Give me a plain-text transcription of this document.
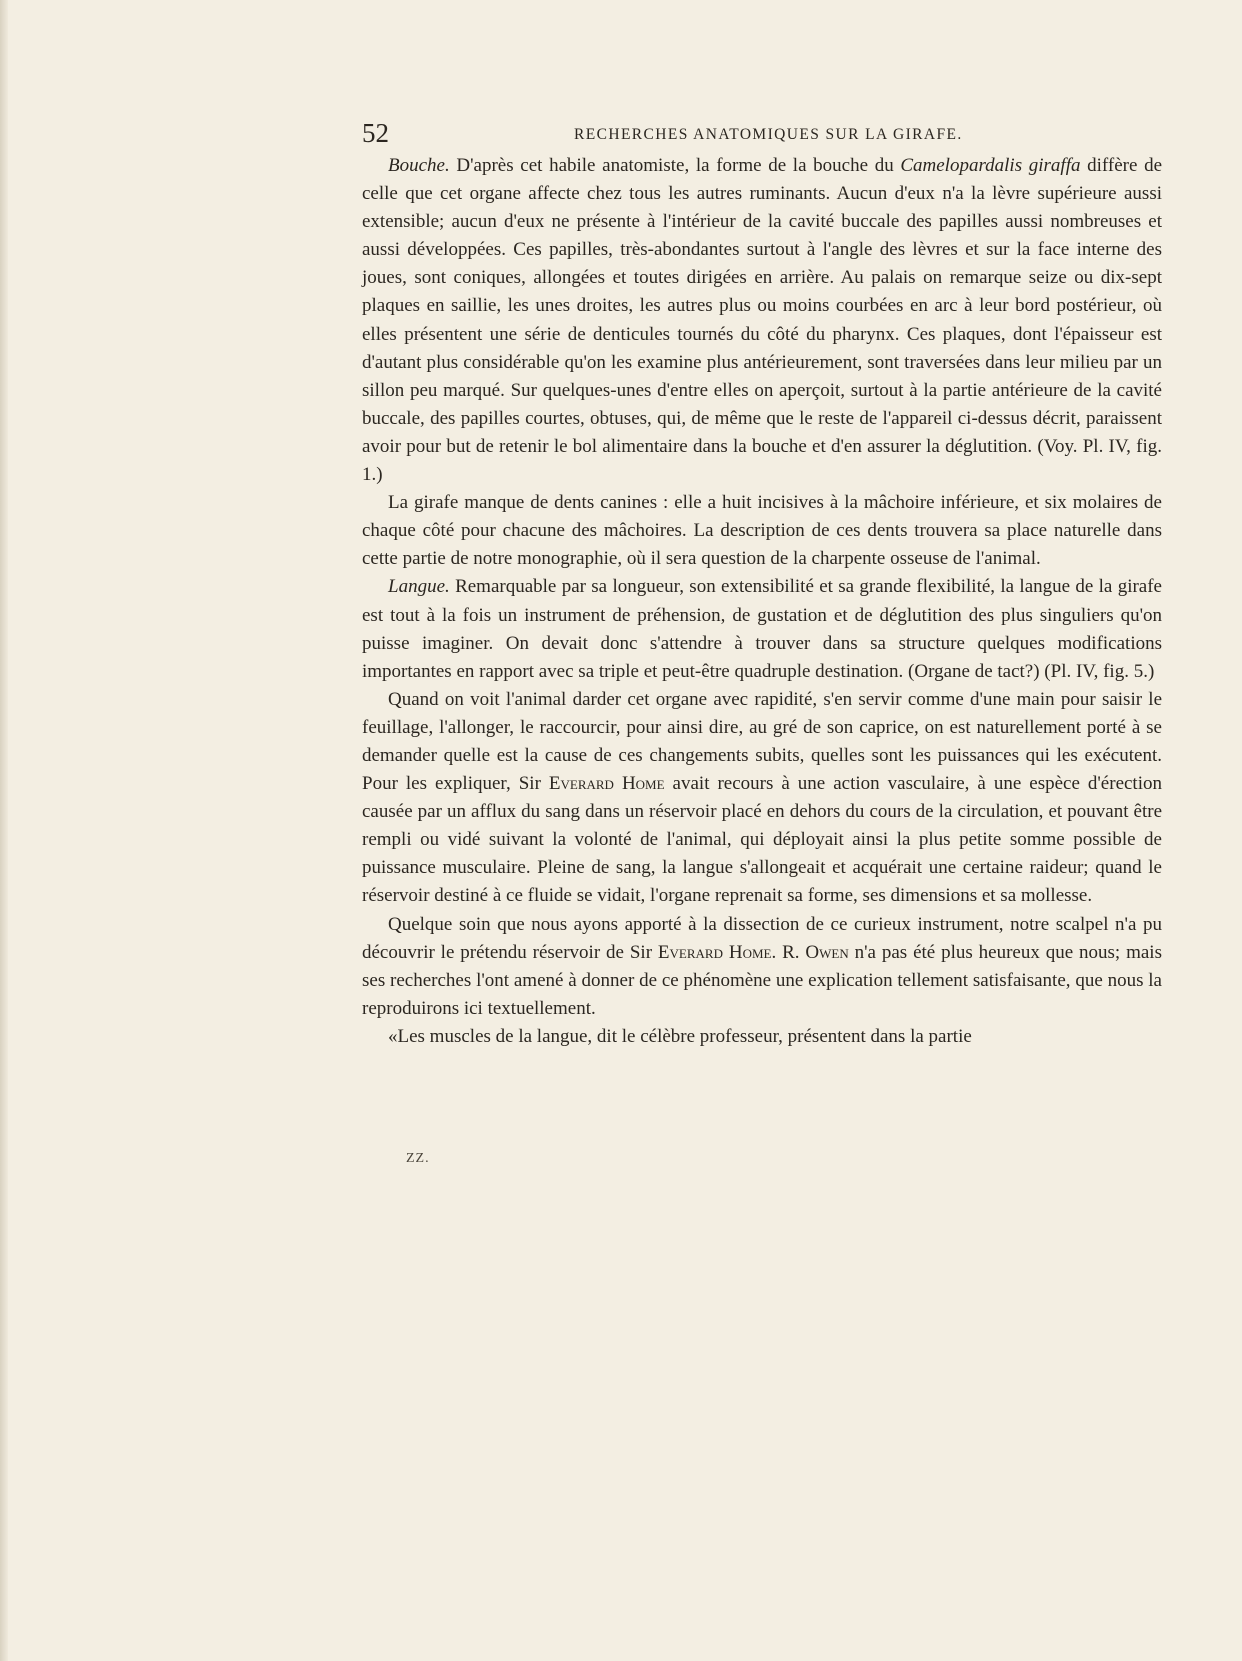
52	RECHERCHES ANATOMIQUES SUR LA GIRAFE.

Bouche. D'après cet habile anatomiste, la forme de la bouche du Camelopardalis giraffa diffère de celle que cet organe affecte chez tous les autres ruminants. Aucun d'eux n'a la lèvre supérieure aussi extensible; aucun d'eux ne présente à l'intérieur de la cavité buccale des papilles aussi nombreuses et aussi développées. Ces papilles, très-abondantes surtout à l'angle des lèvres et sur la face interne des joues, sont coniques, allongées et toutes dirigées en arrière. Au palais on remarque seize ou dix-sept plaques en saillie, les unes droites, les autres plus ou moins courbées en arc à leur bord postérieur, où elles présentent une série de denticules tournés du côté du pharynx. Ces plaques, dont l'épaisseur est d'autant plus considérable qu'on les examine plus antérieurement, sont traversées dans leur milieu par un sillon peu marqué. Sur quelques-unes d'entre elles on aperçoit, surtout à la partie antérieure de la cavité buccale, des papilles courtes, obtuses, qui, de même que le reste de l'appareil ci-dessus décrit, paraissent avoir pour but de retenir le bol alimentaire dans la bouche et d'en assurer la déglutition. (Voy. Pl. IV, fig. 1.)

La girafe manque de dents canines : elle a huit incisives à la mâchoire inférieure, et six molaires de chaque côté pour chacune des mâchoires. La description de ces dents trouvera sa place naturelle dans cette partie de notre monographie, où il sera question de la charpente osseuse de l'animal.

Langue. Remarquable par sa longueur, son extensibilité et sa grande flexibilité, la langue de la girafe est tout à la fois un instrument de préhension, de gustation et de déglutition des plus singuliers qu'on puisse imaginer. On devait donc s'attendre à trouver dans sa structure quelques modifications importantes en rapport avec sa triple et peut-être quadruple destination. (Organe de tact?) (Pl. IV, fig. 5.)

Quand on voit l'animal darder cet organe avec rapidité, s'en servir comme d'une main pour saisir le feuillage, l'allonger, le raccourcir, pour ainsi dire, au gré de son caprice, on est naturellement porté à se demander quelle est la cause de ces changements subits, quelles sont les puissances qui les exécutent. Pour les expliquer, Sir Everard Home avait recours à une action vasculaire, à une espèce d'érection causée par un afflux du sang dans un réservoir placé en dehors du cours de la circulation, et pouvant être rempli ou vidé suivant la volonté de l'animal, qui déployait ainsi la plus petite somme possible de puissance musculaire. Pleine de sang, la langue s'allongeait et acquérait une certaine raideur; quand le réservoir destiné à ce fluide se vidait, l'organe reprenait sa forme, ses dimensions et sa mollesse.

Quelque soin que nous ayons apporté à la dissection de ce curieux instrument, notre scalpel n'a pu découvrir le prétendu réservoir de Sir Everard Home. R. Owen n'a pas été plus heureux que nous; mais ses recherches l'ont amené à donner de ce phénomène une explication tellement satisfaisante, que nous la reproduirons ici textuellement.

«Les muscles de la langue, dit le célèbre professeur, présentent dans la partie

ZZ.
